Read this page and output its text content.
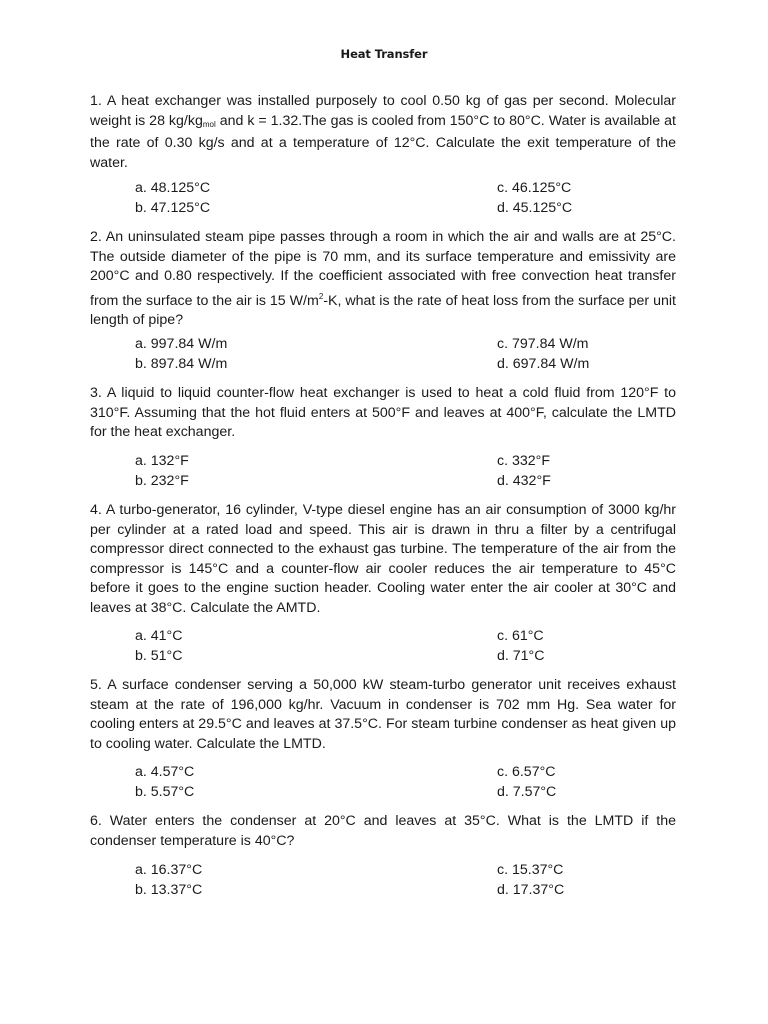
Heat Transfer
1. A heat exchanger was installed purposely to cool 0.50 kg of gas per second. Molecular weight is 28 $kg/kg_{mol}$ and k = 1.32.The gas is cooled from 150°C to 80°C. Water is available at the rate of 0.30 kg/s and at a temperature of 12°C. Calculate the exit temperature of the water.
a. 48.125°C	c. 46.125°C
b. 47.125°C	d. 45.125°C
2. An uninsulated steam pipe passes through a room in which the air and walls are at 25°C. The outside diameter of the pipe is 70 mm, and its surface temperature and emissivity are 200°C and 0.80 respectively. If the coefficient associated with free convection heat transfer from the surface to the air is 15 $W/m^2-K$, what is the rate of heat loss from the surface per unit length of pipe?
a. 997.84 W/m	c. 797.84 W/m
b. 897.84 W/m	d. 697.84 W/m
3. A liquid to liquid counter-flow heat exchanger is used to heat a cold fluid from 120°F to 310°F. Assuming that the hot fluid enters at 500°F and leaves at 400°F, calculate the LMTD for the heat exchanger.
a. 132°F	c. 332°F
b. 232°F	d. 432°F
4. A turbo-generator, 16 cylinder, V-type diesel engine has an air consumption of 3000 kg/hr per cylinder at a rated load and speed. This air is drawn in thru a filter by a centrifugal compressor direct connected to the exhaust gas turbine. The temperature of the air from the compressor is 145°C and a counter-flow air cooler reduces the air temperature to 45°C before it goes to the engine suction header. Cooling water enter the air cooler at 30°C and leaves at 38°C. Calculate the AMTD.
a. 41°C	c. 61°C
b. 51°C	d. 71°C
5. A surface condenser serving a 50,000 kW steam-turbo generator unit receives exhaust steam at the rate of 196,000 kg/hr. Vacuum in condenser is 702 mm Hg. Sea water for cooling enters at 29.5°C and leaves at 37.5°C. For steam turbine condenser as heat given up to cooling water. Calculate the LMTD.
a. 4.57°C	c. 6.57°C
b. 5.57°C	d. 7.57°C
6. Water enters the condenser at 20°C and leaves at 35°C. What is the LMTD if the condenser temperature is 40°C?
a. 16.37°C	c. 15.37°C
b. 13.37°C	d. 17.37°C
